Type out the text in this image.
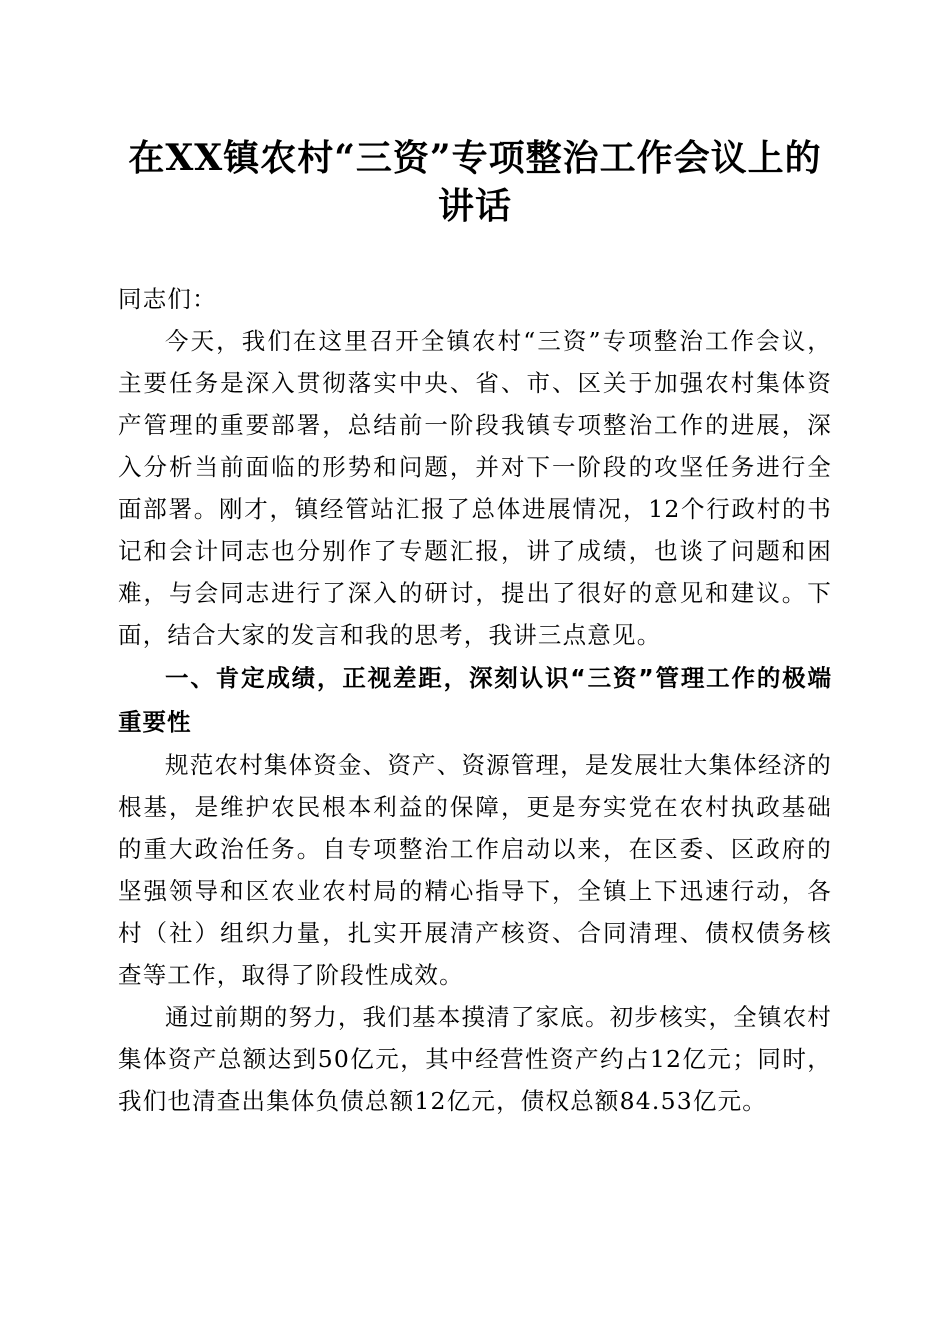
在XX镇农村“三资”专项整治工作会议上的讲话

同志们：

今天，我们在这里召开全镇农村“三资”专项整治工作会议，主要任务是深入贯彻落实中央、省、市、区关于加强农村集体资产管理的重要部署，总结前一阶段我镇专项整治工作的进展，深入分析当前面临的形势和问题，并对下一阶段的攻坚任务进行全面部署。刚才，镇经管站汇报了总体进展情况，12个行政村的书记和会计同志也分别作了专题汇报，讲了成绩，也谈了问题和困难，与会同志进行了深入的研讨，提出了很好的意见和建议。下面，结合大家的发言和我的思考，我讲三点意见。

一、肯定成绩，正视差距，深刻认识“三资”管理工作的极端重要性

规范农村集体资金、资产、资源管理，是发展壮大集体经济的根基，是维护农民根本利益的保障，更是夯实党在农村执政基础的重大政治任务。自专项整治工作启动以来，在区委、区政府的坚强领导和区农业农村局的精心指导下，全镇上下迅速行动，各村（社）组织力量，扎实开展清产核资、合同清理、债权债务核查等工作，取得了阶段性成效。

通过前期的努力，我们基本摸清了家底。初步核实，全镇农村集体资产总额达到50亿元，其中经营性资产约占12亿元；同时，我们也清查出集体负债总额12亿元，债权总额84.53亿元。
